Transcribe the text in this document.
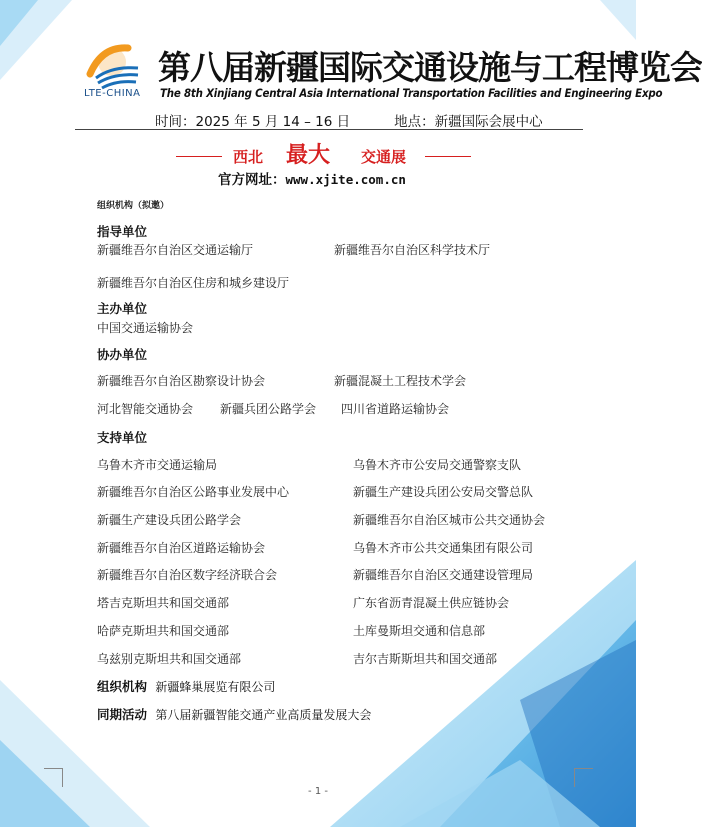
LTE-CHINA
第八届新疆国际交通设施与工程博览会
The 8th Xinjiang Central Asia International Transportation Facilities and Engineering Expo
时间：2025 年 5 月 14 – 16 日	地点：新疆国际会展中心
西北 最大 交通展
官方网址：www.xjite.com.cn
组织机构（拟邀）
指导单位
新疆维吾尔自治区交通运输厅	新疆维吾尔自治区科学技术厅
新疆维吾尔自治区住房和城乡建设厅
主办单位
中国交通运输协会
协办单位
新疆维吾尔自治区勘察设计协会	新疆混凝土工程技术学会
河北智能交通协会 新疆兵团公路学会 四川省道路运输协会
支持单位
乌鲁木齐市交通运输局	乌鲁木齐市公安局交通警察支队
新疆维吾尔自治区公路事业发展中心	新疆生产建设兵团公安局交警总队
新疆生产建设兵团公路学会	新疆维吾尔自治区城市公共交通协会
新疆维吾尔自治区道路运输协会	乌鲁木齐市公共交通集团有限公司
新疆维吾尔自治区数字经济联合会	新疆维吾尔自治区交通建设管理局
塔吉克斯坦共和国交通部	广东省沥青混凝土供应链协会
哈萨克斯坦共和国交通部	土库曼斯坦交通和信息部
乌兹别克斯坦共和国交通部	吉尔吉斯斯坦共和国交通部
组织机构 新疆蜂巢展览有限公司
同期活动 第八届新疆智能交通产业高质量发展大会
- 1 -
